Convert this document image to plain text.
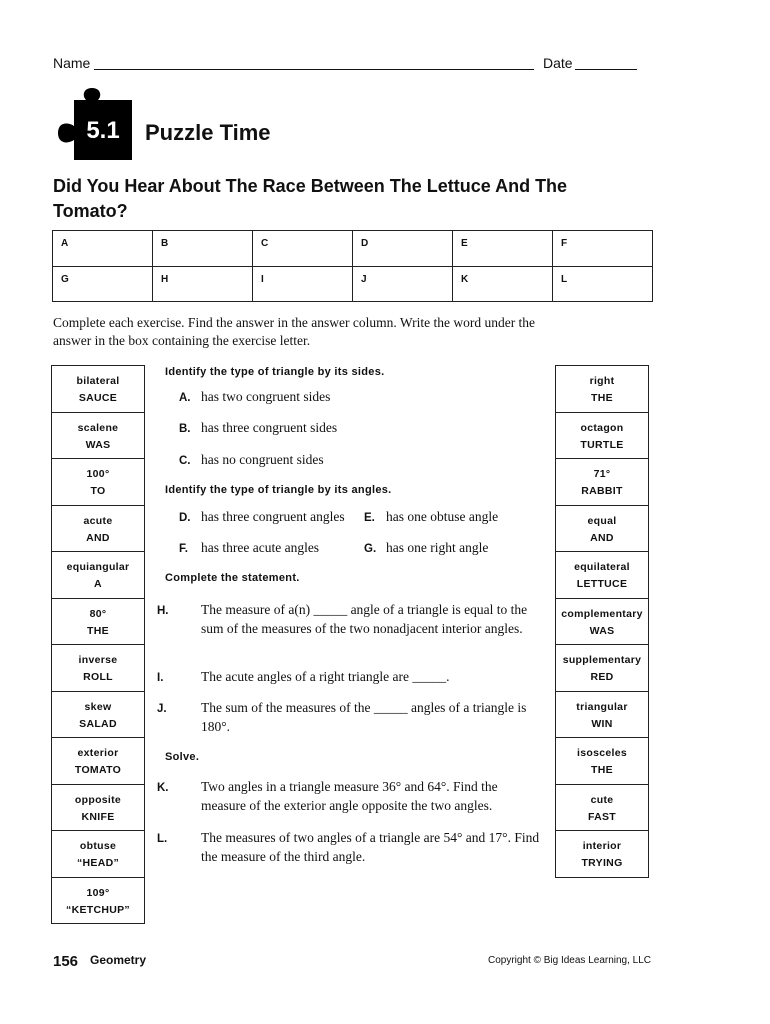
Name	Date
5.1	Puzzle Time
Did You Hear About The Race Between The Lettuce And The Tomato?
A	B	C	D	E	F
G	H	I	J	K	L
Complete each exercise. Find the answer in the answer column. Write the word under the answer in the box containing the exercise letter.
bilateral
SAUCE
scalene
WAS
100°
TO
acute
AND
equiangular
A
80°
THE
inverse
ROLL
skew
SALAD
exterior
TOMATO
opposite
KNIFE
obtuse
“HEAD”
109°
“KETCHUP”
right
THE
octagon
TURTLE
71°
RABBIT
equal
AND
equilateral
LETTUCE
complementary
WAS
supplementary
RED
triangular
WIN
isosceles
THE
cute
FAST
interior
TRYING
Identify the type of triangle by its sides.
A. has two congruent sides
B. has three congruent sides
C. has no congruent sides
Identify the type of triangle by its angles.
D. has three congruent angles E. has one obtuse angle
F. has three acute angles	G. has one right angle
Complete the statement.
H. The measure of a(n) _____ angle of a triangle is equal to the sum of the measures of the two nonadjacent interior angles.
I.	The acute angles of a right triangle are _____.
J.	The sum of the measures of the _____ angles of a triangle is 180°.
Solve.
K. Two angles in a triangle measure 36° and 64°. Find the measure of the exterior angle opposite the two angles.
L.	The measures of two angles of a triangle are 54° and 17°. Find the measure of the third angle.
156 Geometry	Copyright © Big Ideas Learning, LLC
